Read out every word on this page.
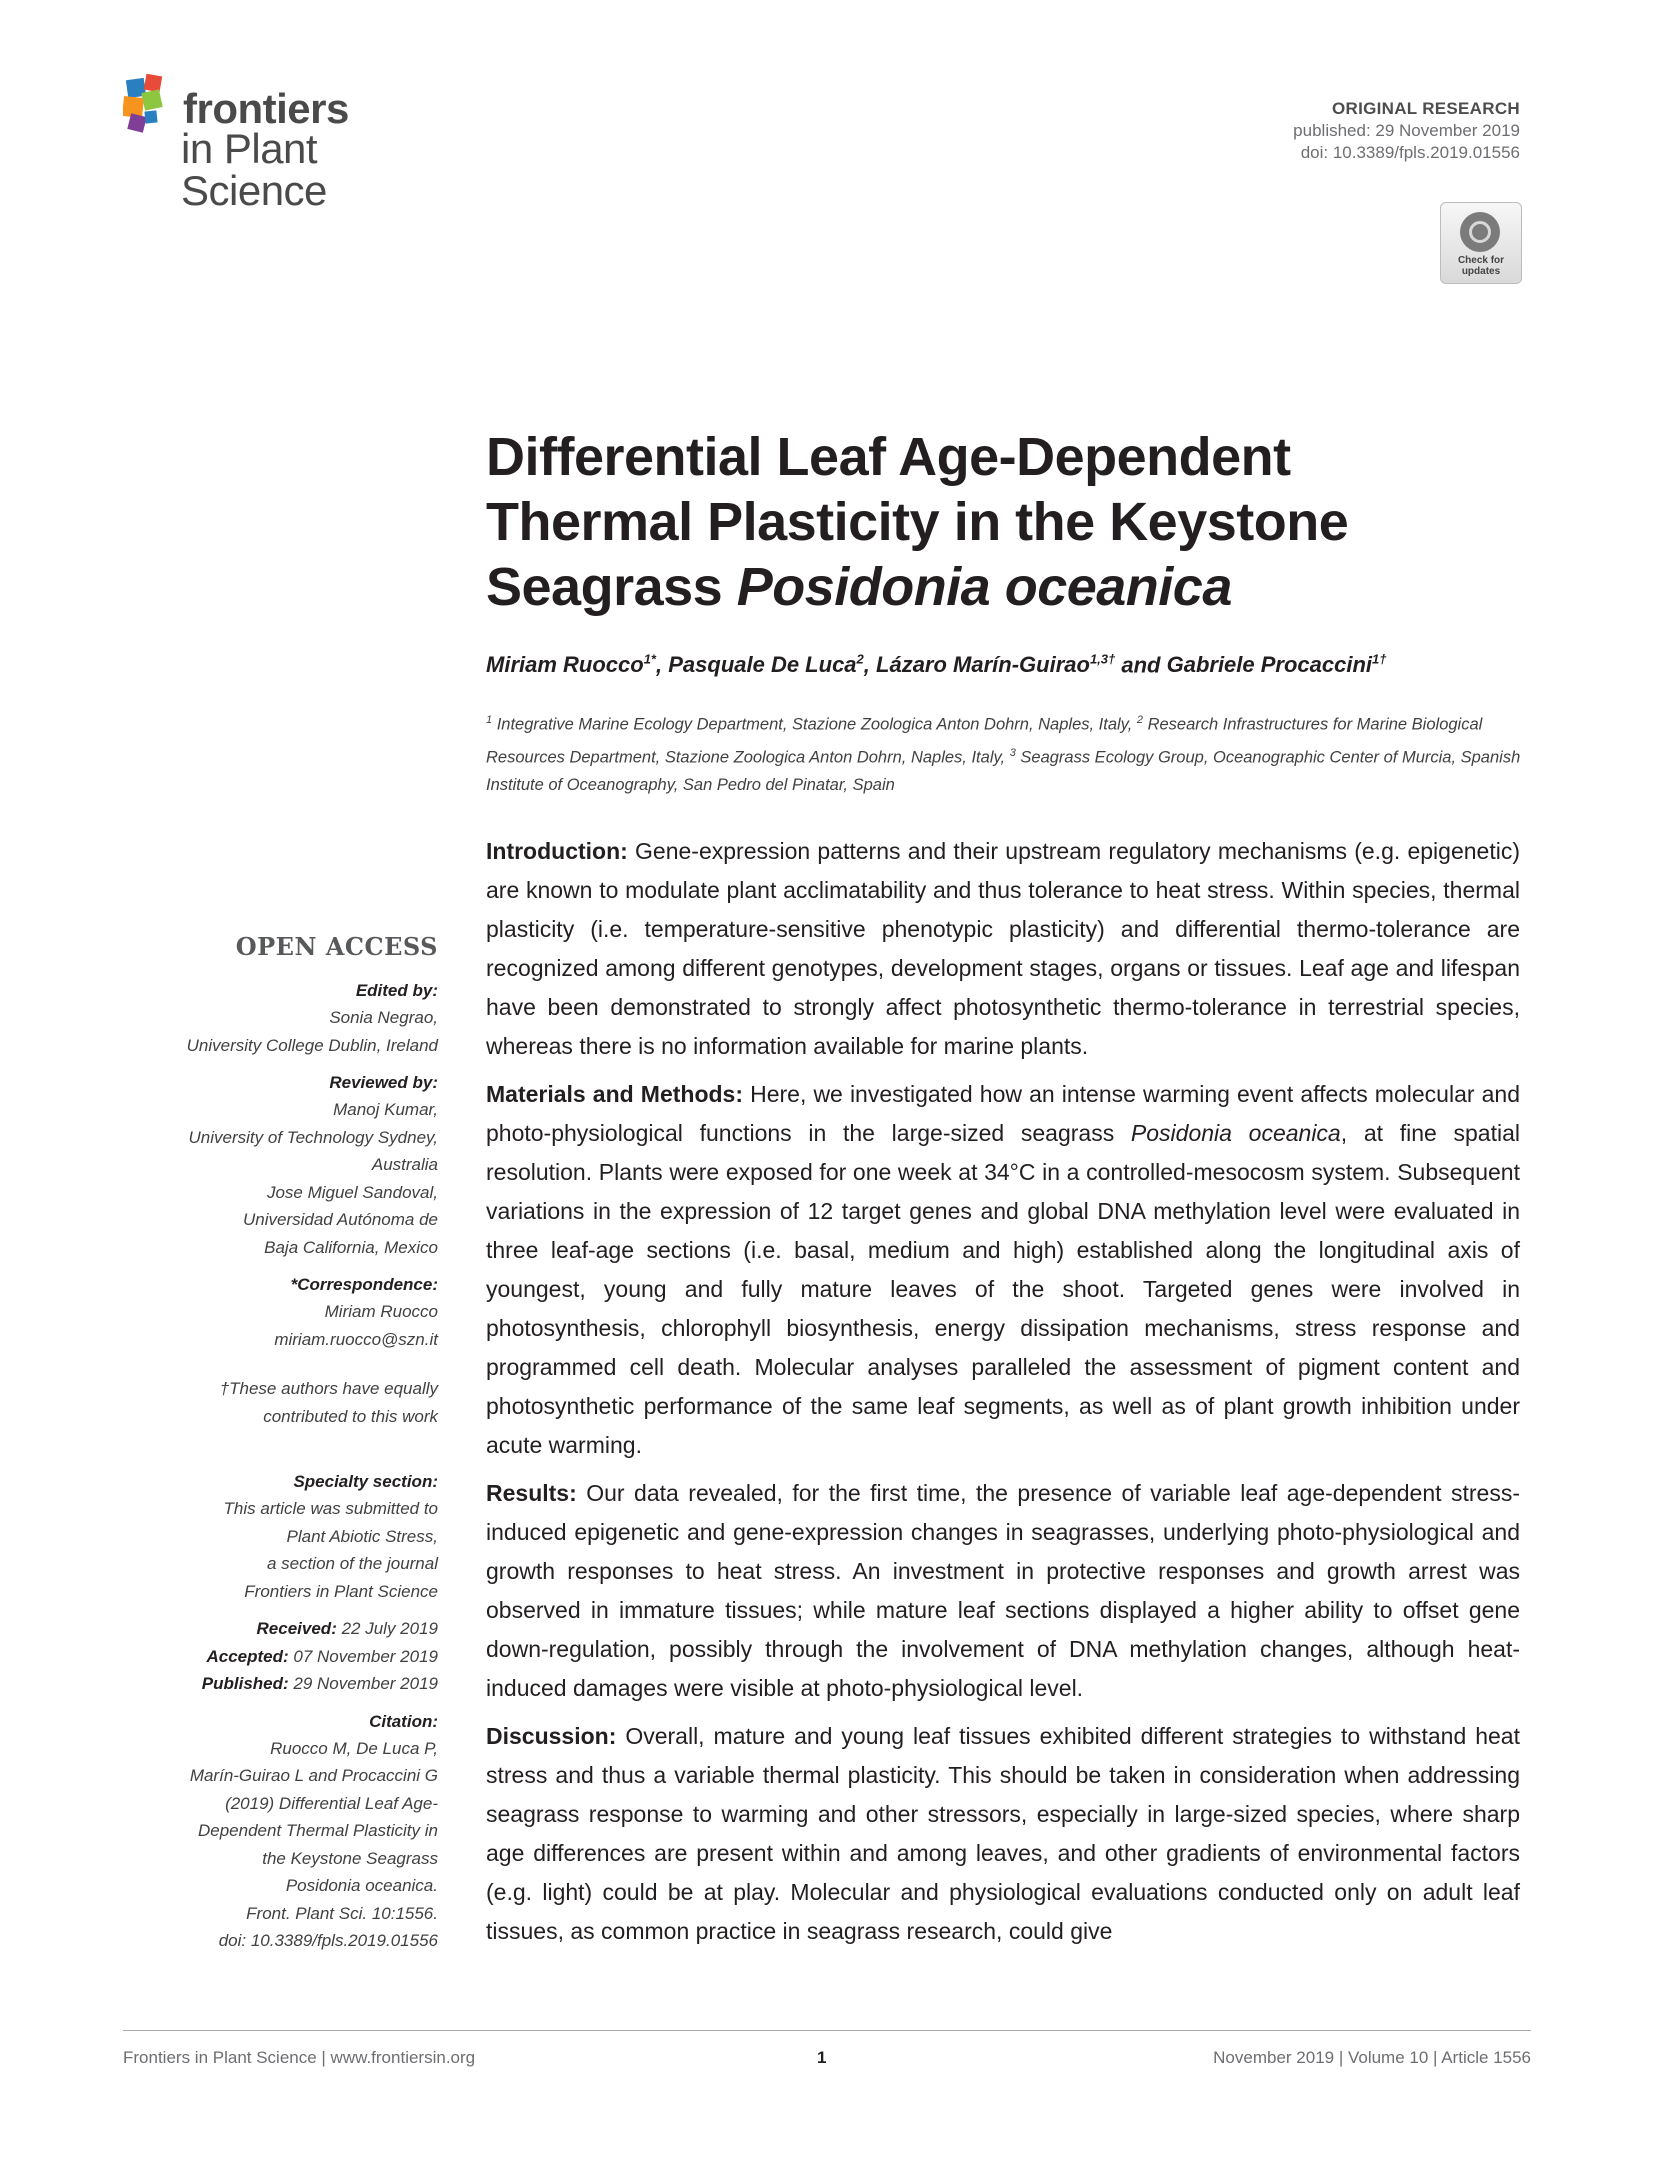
frontiers
in Plant Science
ORIGINAL RESEARCH
published: 29 November 2019
doi: 10.3389/fpls.2019.01556
Check for
updates
Differential Leaf Age-Dependent
Thermal Plasticity in the Keystone
Seagrass Posidonia oceanica
Miriam Ruocco$^{1*}$, Pasquale De Luca$^2$, Lázaro Marín-Guirao$^{1,3\dagger}$ and Gabriele Procaccini$^{1\dagger}$
$^1$ Integrative Marine Ecology Department, Stazione Zoologica Anton Dohrn, Naples, Italy, $^2$ Research Infrastructures for Marine Biological Resources Department, Stazione Zoologica Anton Dohrn, Naples, Italy, $^3$ Seagrass Ecology Group, Oceanographic Center of Murcia, Spanish Institute of Oceanography, San Pedro del Pinatar, Spain
OPEN ACCESS
Edited by:
Sonia Negrao,
University College Dublin, Ireland
Reviewed by:
Manoj Kumar,
University of Technology Sydney,
Australia
Jose Miguel Sandoval,
Universidad Autónoma de
Baja California, Mexico
*Correspondence:
Miriam Ruocco
miriam.ruocco@szn.it
†These authors have equally
contributed to this work
Specialty section:
This article was submitted to
Plant Abiotic Stress,
a section of the journal
Frontiers in Plant Science
Received: 22 July 2019
Accepted: 07 November 2019
Published: 29 November 2019
Citation:
Ruocco M, De Luca P,
Marín-Guirao L and Procaccini G
(2019) Differential Leaf Age-
Dependent Thermal Plasticity in
the Keystone Seagrass
Posidonia oceanica.
Front. Plant Sci. 10:1556.
doi: 10.3389/fpls.2019.01556

Introduction: Gene-expression patterns and their upstream regulatory mechanisms (e.g. epigenetic) are known to modulate plant acclimatability and thus tolerance to heat stress. Within species, thermal plasticity (i.e. temperature-sensitive phenotypic plasticity) and differential thermo-tolerance are recognized among different genotypes, development stages, organs or tissues. Leaf age and lifespan have been demonstrated to strongly affect photosynthetic thermo-tolerance in terrestrial species, whereas there is no information available for marine plants.

Materials and Methods: Here, we investigated how an intense warming event affects molecular and photo-physiological functions in the large-sized seagrass Posidonia oceanica, at fine spatial resolution. Plants were exposed for one week at 34°C in a controlled-mesocosm system. Subsequent variations in the expression of 12 target genes and global DNA methylation level were evaluated in three leaf-age sections (i.e. basal, medium and high) established along the longitudinal axis of youngest, young and fully mature leaves of the shoot. Targeted genes were involved in photosynthesis, chlorophyll biosynthesis, energy dissipation mechanisms, stress response and programmed cell death. Molecular analyses paralleled the assessment of pigment content and photosynthetic performance of the same leaf segments, as well as of plant growth inhibition under acute warming.

Results: Our data revealed, for the first time, the presence of variable leaf age-dependent stress-induced epigenetic and gene-expression changes in seagrasses, underlying photo-physiological and growth responses to heat stress. An investment in protective responses and growth arrest was observed in immature tissues; while mature leaf sections displayed a higher ability to offset gene down-regulation, possibly through the involvement of DNA methylation changes, although heat-induced damages were visible at photo-physiological level.

Discussion: Overall, mature and young leaf tissues exhibited different strategies to withstand heat stress and thus a variable thermal plasticity. This should be taken in consideration when addressing seagrass response to warming and other stressors, especially in large-sized species, where sharp age differences are present within and among leaves, and other gradients of environmental factors (e.g. light) could be at play. Molecular and physiological evaluations conducted only on adult leaf tissues, as common practice in seagrass research, could give

Frontiers in Plant Science | www.frontiersin.org	1	November 2019 | Volume 10 | Article 1556
